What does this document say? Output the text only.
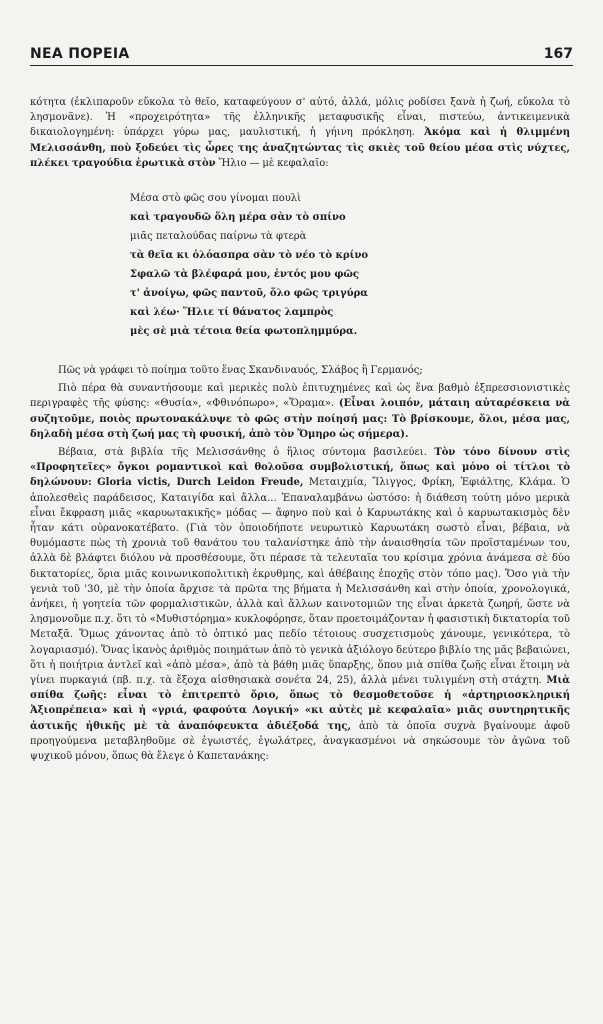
ΝΕΑ ΠΟΡΕΙΑ	167

κότητα (ἐκλιπαροῦν εὔκολα τὸ θεῖο, καταφεύγουν σ' αὐτό, ἀλλά, μόλις ροδίσει ξανὰ ἡ ζωή, εὔκολα τὸ λησμονᾶνε). Ἡ «προχειρότητα» τῆς ἑλληνικῆς μεταφυσικῆς εἶναι, πιστεύω, ἀντικειμενικὰ δικαιολογημένη: ὑπάρχει γύρω μας, μαυλιστική, ἡ γήινη πρόκληση. Ἀκόμα καὶ ἡ θλιμμένη Μελισσάνθη, ποὺ ξοδεύει τὶς ὧρες της ἀναζητώντας τὶς σκιὲς τοῦ θείου μέσα στὶς νύχτες, πλέκει τραγούδια ἐρωτικὰ στὸν Ἥλιο — μὲ κεφαλαῖο:

Μέσα στὸ φῶς σου γίνομαι πουλὶ
καὶ τραγουδῶ ὅλη μέρα σὰν τὸ σπίνο
μιᾶς πεταλούδας παίρνω τὰ φτερὰ
τὰ θεῖα κι ὁλόασπρα σὰν τὸ νέο τὸ κρίνο
Σφαλῶ τὰ βλέφαρά μου, ἐντός μου φῶς
τ' ἀνοίγω, φῶς παντοῦ, ὅλο φῶς τριγύρα
καὶ λέω· Ἥλιε τί θάνατος λαμπρὸς
μὲς σὲ μιὰ τέτοια θεία φωτοπλημμύρα.

Πῶς νὰ γράφει τὸ ποίημα τοῦτο ἕνας Σκανδιναυός, Σλάβος ἢ Γερμανός;

Πιὸ πέρα θὰ συναντήσουμε καὶ μερικὲς πολὺ ἐπιτυχημένες καὶ ὡς ἕνα βαθμὸ ἐξπρεσσιονιστικὲς περιγραφὲς τῆς φύσης: «Θυσία», «Φθινόπωρο», «Ὅραμα». (Εἶναι λοιπόν, μάταιη αὐταρέσκεια νὰ συζητοῦμε, ποιὸς πρωτονακάλυψε τὸ φῶς στὴν ποίησή μας: Τὸ βρίσκουμε, ὅλοι, μέσα μας, δηλαδὴ μέσα στὴ ζωή μας τὴ φυσική, ἀπὸ τὸν Ὅμηρο ὡς σήμερα).

Βέβαια, στὰ βιβλία τῆς Μελισσάνθης ὁ ἥλιος σύντομα βασιλεύει. Τὸν τόνο δίνουν στὶς «Προφητεῖες» ὄγκοι ρομαντικοὶ καὶ θολοῦσα συμβολιστική, ὅπως καὶ μόνο οἱ τίτλοι τὸ δηλώνουν: Gloria victis, Durch Leidon Freude, Μεταιχμία, Ἴλιγγος, Φρίκη, Ἐφιάλτης, Κλάμα. Ὁ ἀπολεσθεὶς παράδεισος, Καταιγίδα καὶ ἄλλα... Ἐπαναλαμβάνω ὡστόσο: ἡ διάθεση τούτη μόνο μερικὰ εἶναι ἔκφραση μιᾶς «καρυωτακικῆς» μόδας — ἄφηνο ποὺ καὶ ὁ Καρυωτάκης καὶ ὁ καρυωτακισμὸς δὲν ἦταν κάτι οὐρανοκατέβατο. (Γιὰ τὸν ὁποιοδήποτε νευρωτικὸ Καρυωτάκη σωστὸ εἶναι, βέβαια, νὰ θυμόμαστε πὼς τὴ χρονιὰ τοῦ θανάτου του ταλανίστηκε ἀπὸ τὴν ἀναισθησία τῶν προϊσταμένων του, ἀλλὰ δὲ βλάφτει διόλου νὰ προσθέσουμε, ὅτι πέρασε τὰ τελευταῖα του κρίσιμα χρόνια ἀνάμεσα σὲ δύο δικτατορίες, ὅρια μιᾶς κοινωνικοπολιτικὴ ἐκρυθμης, καὶ ἀθέβαιης ἐποχῆς στὸν τόπο μας). Ὅσο γιὰ τὴν γενιὰ τοῦ '30, μὲ τὴν ὁποία ἄρχισε τὰ πρῶτα της βήματα ἡ Μελισσάνθη καὶ στὴν ὁποία, χρονολογικά, ἀνήκει, ἡ γοητεία τῶν φορμαλιστικῶν, ἀλλὰ καὶ ἄλλων καινοτομιῶν της εἶναι ἀρκετὰ ζωηρή, ὥστε νὰ λησμονοῦμε π.χ. ὅτι τὸ «Μυθιστόρημα» κυκλοφόρησε, ὅταν προετοιμάζονταν ἡ φασιστικὴ δικτατορία τοῦ Μεταξᾶ. Ὅμως χάνοντας ἀπὸ τὸ ὀπτικό μας πεδίο τέτοιους συσχετισμοὺς χάνουμε, γενικότερα, τὸ λογαριασμό). Ὅνας ἱκανὸς ἀριθμὸς ποιημάτων ἀπὸ τὸ γενικὰ ἀξιόλογο δεύτερο βιβλίο της μᾶς βεβαιώνει, ὅτι ἡ ποιήτρια ἀντλεῖ καὶ «ἀπὸ μέσα», ἀπὸ τὰ βάθη μιᾶς ὕπαρξης, ὅπου μιὰ σπίθα ζωῆς εἶναι ἕτοιμη νὰ γίνει πυρκαγιά (πβ. π.χ. τὰ ἔξοχα αἰσθησιακὰ σονέτα 24, 25), ἀλλὰ μένει τυλιγμένη στὴ στάχτη. Μιὰ σπίθα ζωῆς: εἶναι τὸ ἐπιτρεπτὸ ὅριο, ὅπως τὸ θεσμοθετοῦσε ἡ «ἀρτηριοσκληρική Ἀξιοπρέπεια» καὶ ἡ «γριά, φαφούτα Λογική» «κι αὐτὲς μὲ κεφαλαῖα» μιᾶς συντηρητικῆς ἀστικῆς ἠθικῆς μὲ τὰ ἀναπόφευκτα ἀδιέξοδά της, ἀπὸ τὰ ὁποῖα συχνὰ βγαίνουμε ἀφοῦ προηγούμενα μεταβληθοῦμε σὲ ἐγωιστές, ἐγωλάτρες, ἀναγκασμένοι νὰ σηκώσουμε τὸν ἀγῶνα τοῦ ψυχικοῦ μόνου, ὅπως θὰ ἔλεγε ὁ Καπετανάκης:
